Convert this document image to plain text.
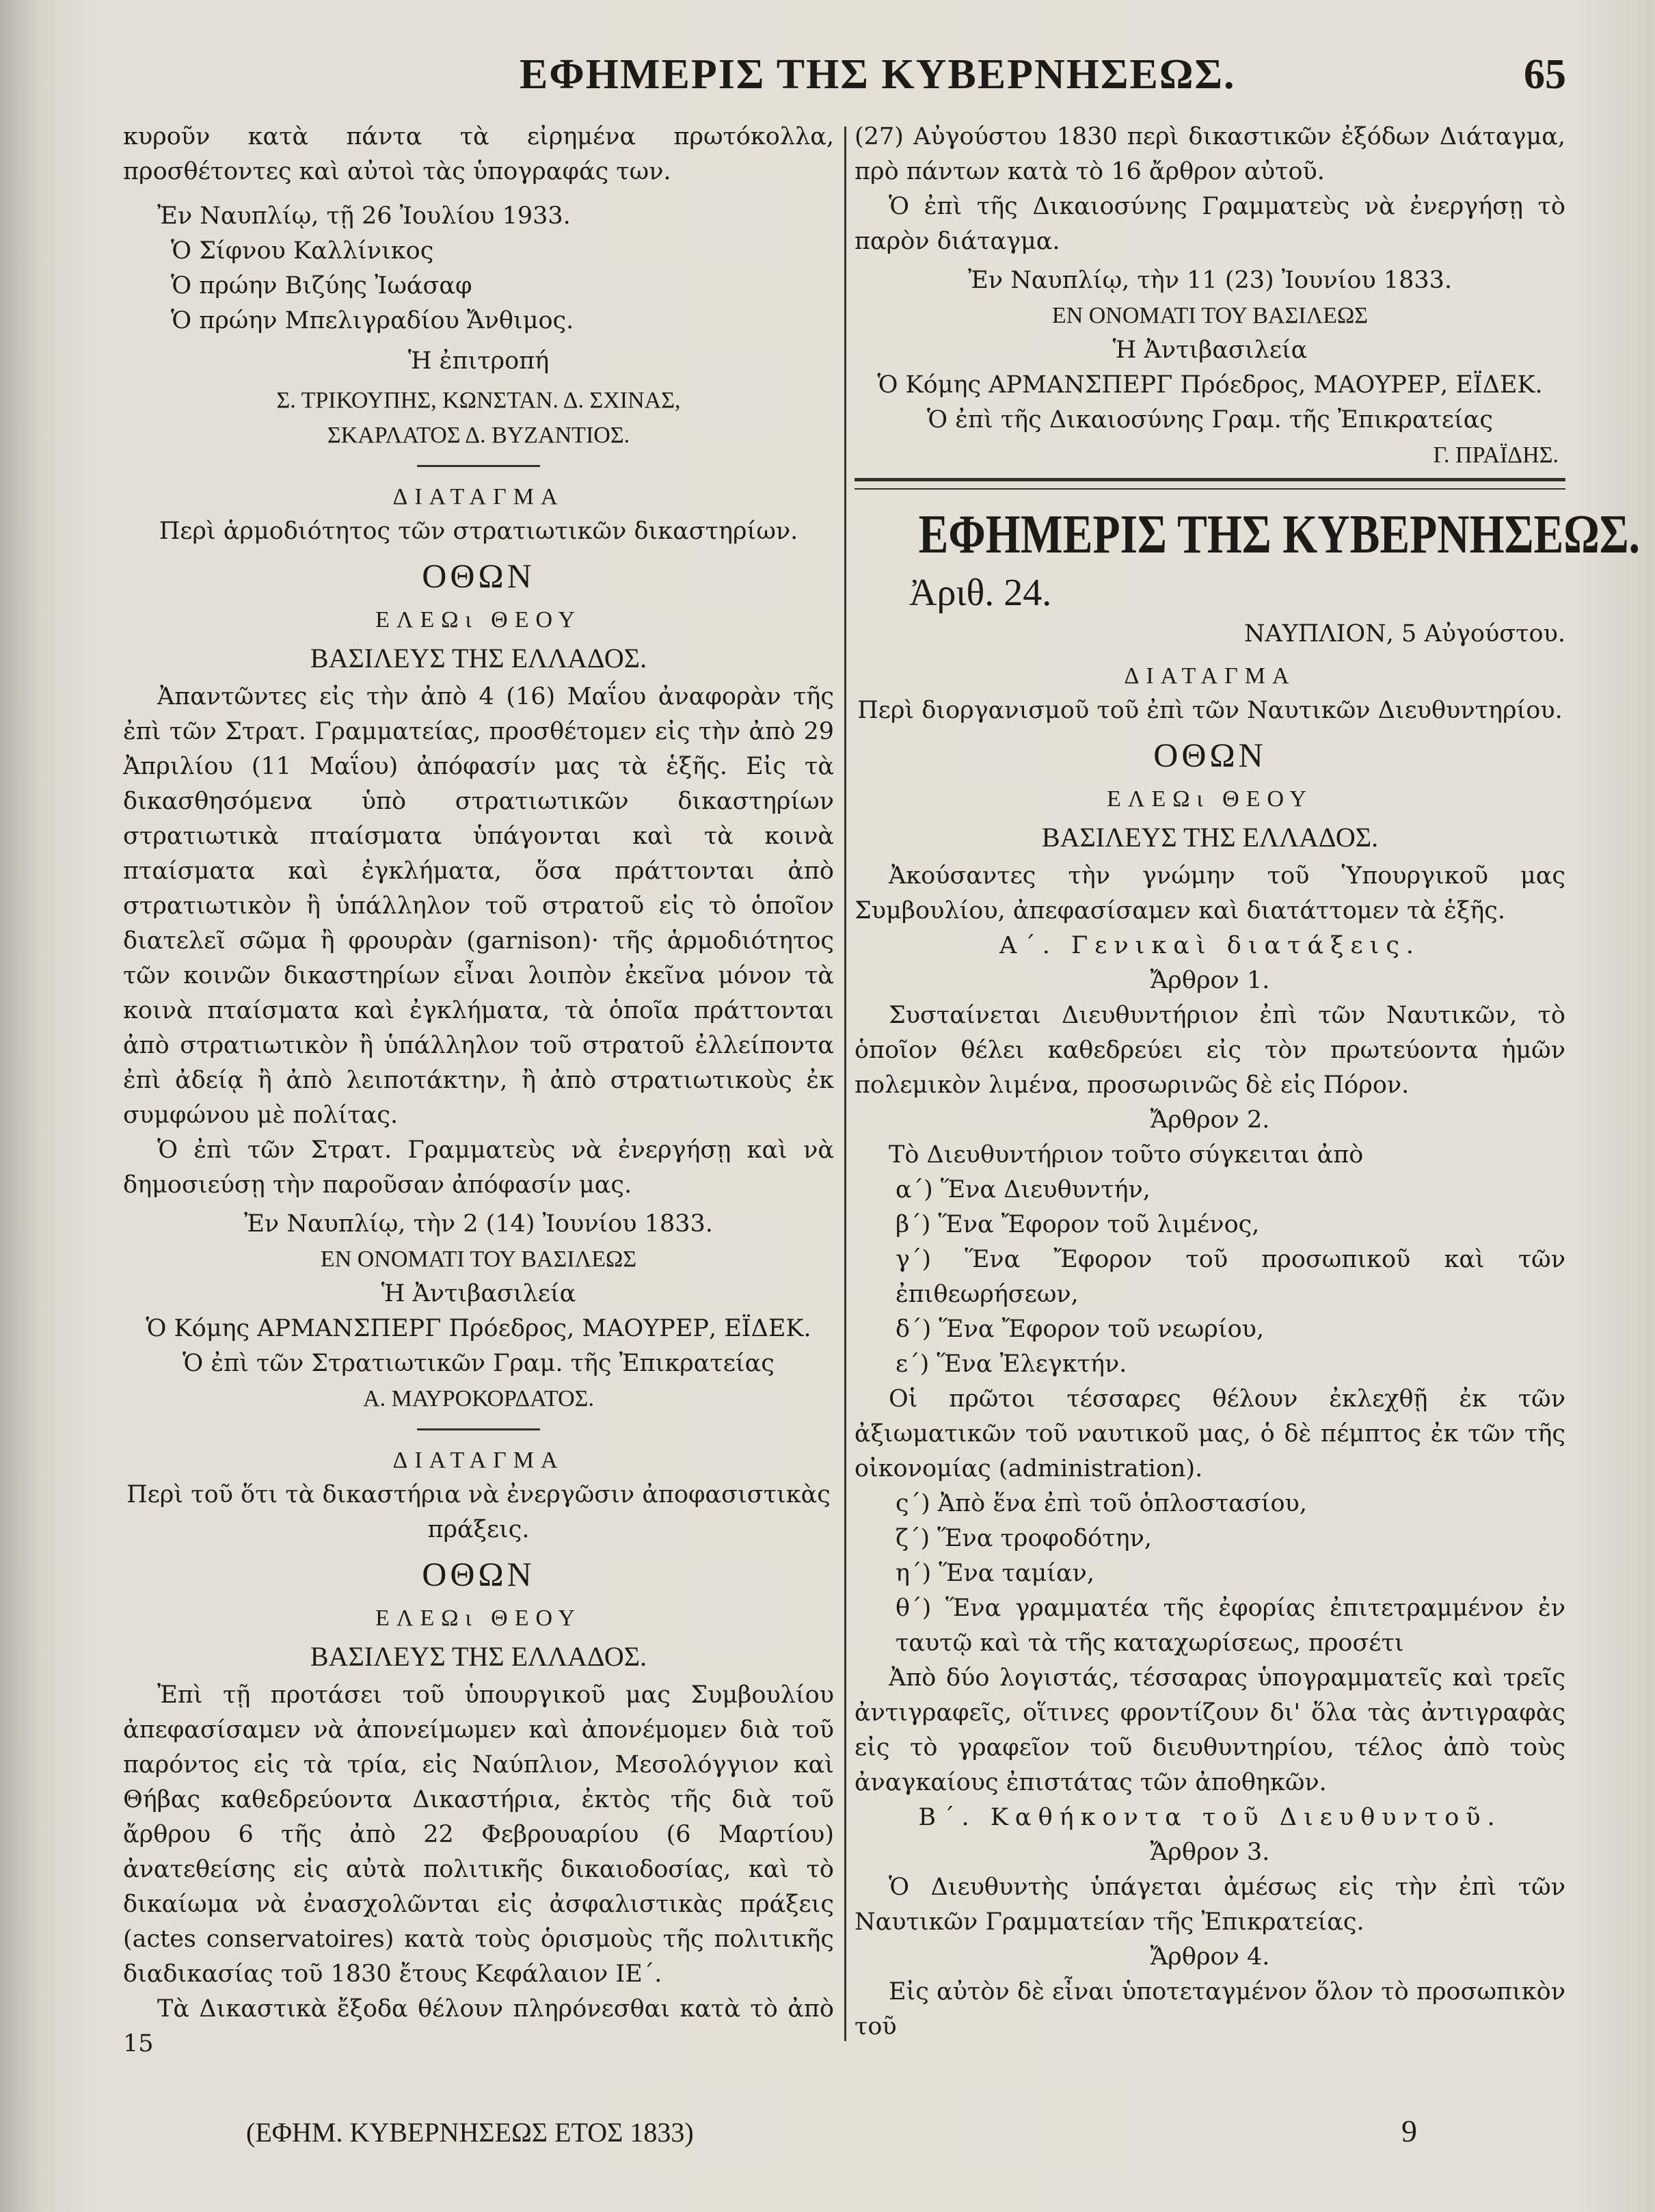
ΕΦΗΜΕΡΙΣ ΤΗΣ ΚΥΒΕΡΝΗΣΕΩΣ.	65

κυροῦν κατὰ πάντα τὰ εἰρημένα πρωτόκολλα, προσθέτοντες καὶ αὐτοὶ τὰς ὑπογραφάς των.

Ἐν Ναυπλίῳ, τῇ 26 Ἰουλίου 1933.

Ὁ Σίφνου Καλλίνικος

Ὁ πρώην Βιζύης Ἰωάσαφ

Ὁ πρώην Μπελιγραδίου Ἄνθιμος.

Ἡ ἐπιτροπή

Σ. ΤΡΙΚΟΥΠΗΣ, ΚΩΝΣΤΑΝ. Δ. ΣΧΙΝΑΣ,

ΣΚΑΡΛΑΤΟΣ Δ. ΒΥΖΑΝΤΙΟΣ.

ΔΙΑΤΑΓΜΑ

Περὶ ἁρμοδιότητος τῶν στρατιωτικῶν δικαστηρίων.

ΟΘΩΝ

ΕΛΕΩι ΘΕΟΥ

ΒΑΣΙΛΕΥΣ ΤΗΣ ΕΛΛΑΔΟΣ.

Ἀπαντῶντες εἰς τὴν ἀπὸ 4 (16) Μαΐου ἀναφορὰν τῆς ἐπὶ τῶν Στρατ. Γραμματείας, προσθέτομεν εἰς τὴν ἀπὸ 29 Ἀπριλίου (11 Μαΐου) ἀπόφασίν μας τὰ ἑξῆς. Εἰς τὰ δικασθησόμενα ὑπὸ στρατιωτικῶν δικαστηρίων στρατιωτικὰ πταίσματα ὑπάγονται καὶ τὰ κοινὰ πταίσματα καὶ ἐγκλήματα, ὅσα πράττονται ἀπὸ στρατιωτικὸν ἢ ὑπάλληλον τοῦ στρατοῦ εἰς τὸ ὁποῖον διατελεῖ σῶμα ἢ φρουρὰν (garnison)· τῆς ἁρμοδιότητος τῶν κοινῶν δικαστηρίων εἶναι λοιπὸν ἐκεῖνα μόνον τὰ κοινὰ πταίσματα καὶ ἐγκλήματα, τὰ ὁποῖα πράττονται ἀπὸ στρατιωτικὸν ἢ ὑπάλληλον τοῦ στρατοῦ ἐλλείποντα ἐπὶ ἀδείᾳ ἢ ἀπὸ λειποτάκτην, ἢ ἀπὸ στρατιωτικοὺς ἐκ συμφώνου μὲ πολίτας.

Ὁ ἐπὶ τῶν Στρατ. Γραμματεὺς νὰ ἐνεργήσῃ καὶ νὰ δημοσιεύσῃ τὴν παροῦσαν ἀπόφασίν μας.

Ἐν Ναυπλίῳ, τὴν 2 (14) Ἰουνίου 1833.

ΕΝ ΟΝΟΜΑΤΙ ΤΟΥ ΒΑΣΙΛΕΩΣ

Ἡ Ἀντιβασιλεία

Ὁ Κόμης ΑΡΜΑΝΣΠΕΡΓ Πρόεδρος, ΜΑΟΥΡΕΡ, ΕΪΔΕΚ.

Ὁ ἐπὶ τῶν Στρατιωτικῶν Γραμ. τῆς Ἐπικρατείας

Α. ΜΑΥΡΟΚΟΡΔΑΤΟΣ.

ΔΙΑΤΑΓΜΑ

Περὶ τοῦ ὅτι τὰ δικαστήρια νὰ ἐνεργῶσιν ἀποφασιστικὰς πράξεις.

ΟΘΩΝ

ΕΛΕΩι ΘΕΟΥ

ΒΑΣΙΛΕΥΣ ΤΗΣ ΕΛΛΑΔΟΣ.

Ἐπὶ τῇ προτάσει τοῦ ὑπουργικοῦ μας Συμβουλίου ἀπεφασίσαμεν νὰ ἀπονείμωμεν καὶ ἀπονέμομεν διὰ τοῦ παρόντος εἰς τὰ τρία, εἰς Ναύπλιον, Μεσολόγγιον καὶ Θήβας καθεδρεύοντα Δικαστήρια, ἐκτὸς τῆς διὰ τοῦ ἄρθρου 6 τῆς ἀπὸ 22 Φεβρουαρίου (6 Μαρτίου) ἀνατεθείσης εἰς αὐτὰ πολιτικῆς δικαιοδοσίας, καὶ τὸ δικαίωμα νὰ ἐνασχολῶνται εἰς ἀσφαλιστικὰς πράξεις (actes conservatoires) κατὰ τοὺς ὁρισμοὺς τῆς πολιτικῆς διαδικασίας τοῦ 1830 ἔτους Κεφάλαιον ΙΕ΄.

Τὰ Δικαστικὰ ἔξοδα θέλουν πληρόνεσθαι κατὰ τὸ ἀπὸ 15

(27) Αὐγούστου 1830 περὶ δικαστικῶν ἐξόδων Διάταγμα, πρὸ πάντων κατὰ τὸ 16 ἄρθρον αὐτοῦ.

Ὁ ἐπὶ τῆς Δικαιοσύνης Γραμματεὺς νὰ ἐνεργήσῃ τὸ παρὸν διάταγμα.

Ἐν Ναυπλίῳ, τὴν 11 (23) Ἰουνίου 1833.

ΕΝ ΟΝΟΜΑΤΙ ΤΟΥ ΒΑΣΙΛΕΩΣ

Ἡ Ἀντιβασιλεία

Ὁ Κόμης ΑΡΜΑΝΣΠΕΡΓ Πρόεδρος, ΜΑΟΥΡΕΡ, ΕΪΔΕΚ.

Ὁ ἐπὶ τῆς Δικαιοσύνης Γραμ. τῆς Ἐπικρατείας

Γ. ΠΡΑΪΔΗΣ.

ΕΦΗΜΕΡΙΣ ΤΗΣ ΚΥΒΕΡΝΗΣΕΩΣ.

Ἀριθ. 24.

ΝΑΥΠΛΙΟΝ, 5 Αὐγούστου.

ΔΙΑΤΑΓΜΑ

Περὶ διοργανισμοῦ τοῦ ἐπὶ τῶν Ναυτικῶν Διευθυντηρίου.

ΟΘΩΝ

ΕΛΕΩι ΘΕΟΥ

ΒΑΣΙΛΕΥΣ ΤΗΣ ΕΛΛΑΔΟΣ.

Ἀκούσαντες τὴν γνώμην τοῦ Ὑπουργικοῦ μας Συμβουλίου, ἀπεφασίσαμεν καὶ διατάττομεν τὰ ἑξῆς.

Α΄. Γενικαὶ διατάξεις.

Ἄρθρον 1.

Συσταίνεται Διευθυντήριον ἐπὶ τῶν Ναυτικῶν, τὸ ὁποῖον θέλει καθεδρεύει εἰς τὸν πρωτεύοντα ἡμῶν πολεμικὸν λιμένα, προσωρινῶς δὲ εἰς Πόρον.

Ἄρθρον 2.

Τὸ Διευθυντήριον τοῦτο σύγκειται ἀπὸ

α΄) Ἕνα Διευθυντήν,

β΄) Ἕνα Ἔφορον τοῦ λιμένος,

γ΄) Ἕνα Ἔφορον τοῦ προσωπικοῦ καὶ τῶν ἐπιθεωρήσεων,

δ΄) Ἕνα Ἔφορον τοῦ νεωρίου,

ε΄) Ἕνα Ἐλεγκτήν.

Οἱ πρῶτοι τέσσαρες θέλουν ἐκλεχθῇ ἐκ τῶν ἀξιωματικῶν τοῦ ναυτικοῦ μας, ὁ δὲ πέμπτος ἐκ τῶν τῆς οἰκονομίας (administration).

ς΄) Ἀπὸ ἕνα ἐπὶ τοῦ ὁπλοστασίου,

ζ΄) Ἕνα τροφοδότην,

η΄) Ἕνα ταμίαν,

θ΄) Ἕνα γραμματέα τῆς ἐφορίας ἐπιτετραμμένον ἐν ταυτῷ καὶ τὰ τῆς καταχωρίσεως, προσέτι

Ἀπὸ δύο λογιστάς, τέσσαρας ὑπογραμματεῖς καὶ τρεῖς ἀντιγραφεῖς, οἵτινες φροντίζουν δι' ὅλα τὰς ἀντιγραφὰς εἰς τὸ γραφεῖον τοῦ διευθυντηρίου, τέλος ἀπὸ τοὺς ἀναγκαίους ἐπιστάτας τῶν ἀποθηκῶν.

Β΄. Καθήκοντα τοῦ Διευθυντοῦ.

Ἄρθρον 3.

Ὁ Διευθυντὴς ὑπάγεται ἀμέσως εἰς τὴν ἐπὶ τῶν Ναυτικῶν Γραμματείαν τῆς Ἐπικρατείας.

Ἄρθρον 4.

Εἰς αὐτὸν δὲ εἶναι ὑποτεταγμένον ὅλον τὸ προσωπικὸν τοῦ

(ΕΦΗΜ. ΚΥΒΕΡΝΗΣΕΩΣ ΕΤΟΣ 1833)	9
